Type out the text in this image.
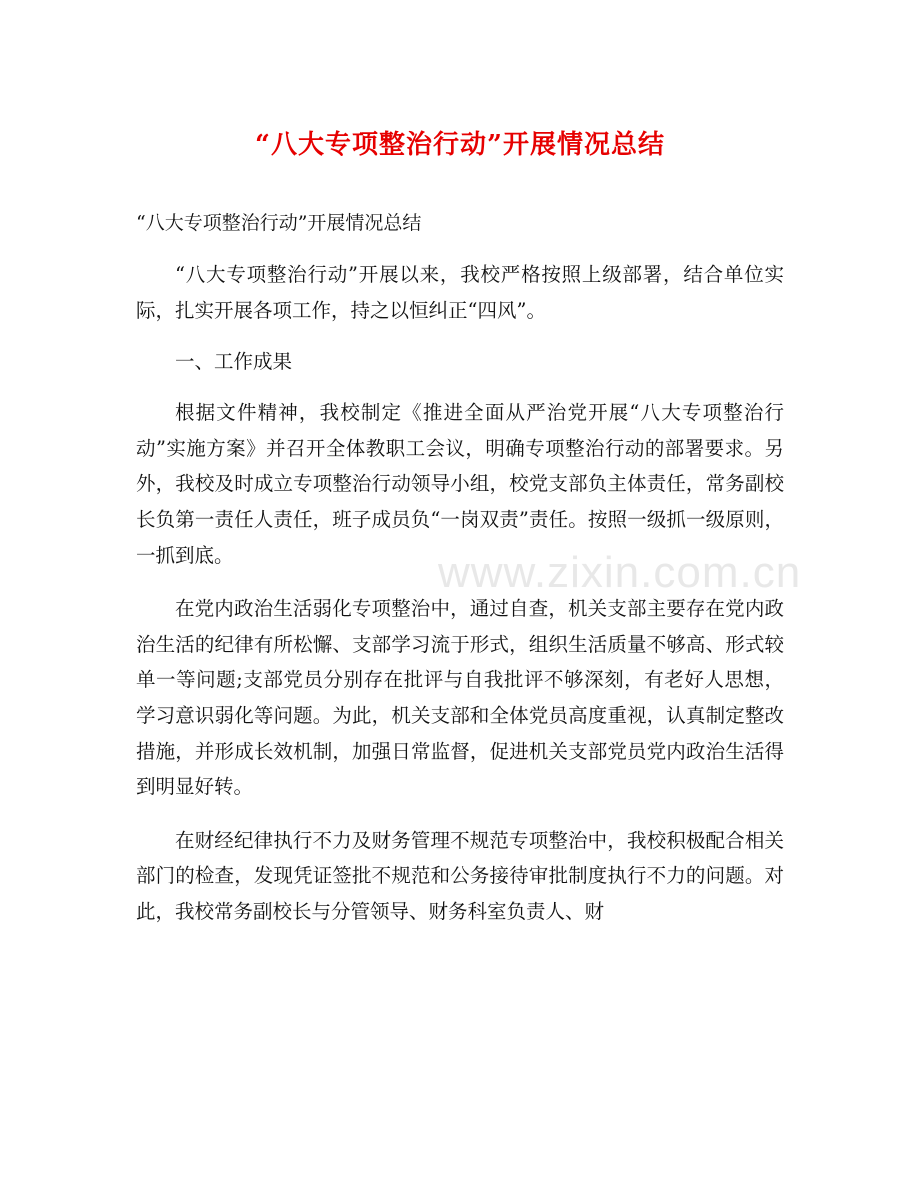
www.zixin.com.cn
“八大专项整治行动”开展情况总结

“八大专项整治行动”开展情况总结

“八大专项整治行动”开展以来，我校严格按照上级部署，结合单位实际，扎实开展各项工作，持之以恒纠正“四风”。

一、工作成果

根据文件精神，我校制定《推进全面从严治党开展“八大专项整治行动”实施方案》并召开全体教职工会议，明确专项整治行动的部署要求。另外，我校及时成立专项整治行动领导小组，校党支部负主体责任，常务副校长负第一责任人责任，班子成员负“一岗双责”责任。按照一级抓一级原则，一抓到底。

在党内政治生活弱化专项整治中，通过自查，机关支部主要存在党内政治生活的纪律有所松懈、支部学习流于形式，组织生活质量不够高、形式较单一等问题;支部党员分别存在批评与自我批评不够深刻，有老好人思想，学习意识弱化等问题。为此，机关支部和全体党员高度重视，认真制定整改措施，并形成长效机制，加强日常监督，促进机关支部党员党内政治生活得到明显好转。

在财经纪律执行不力及财务管理不规范专项整治中，我校积极配合相关部门的检查，发现凭证签批不规范和公务接待审批制度执行不力的问题。对此，我校常务副校长与分管领导、财务科室负责人、财
